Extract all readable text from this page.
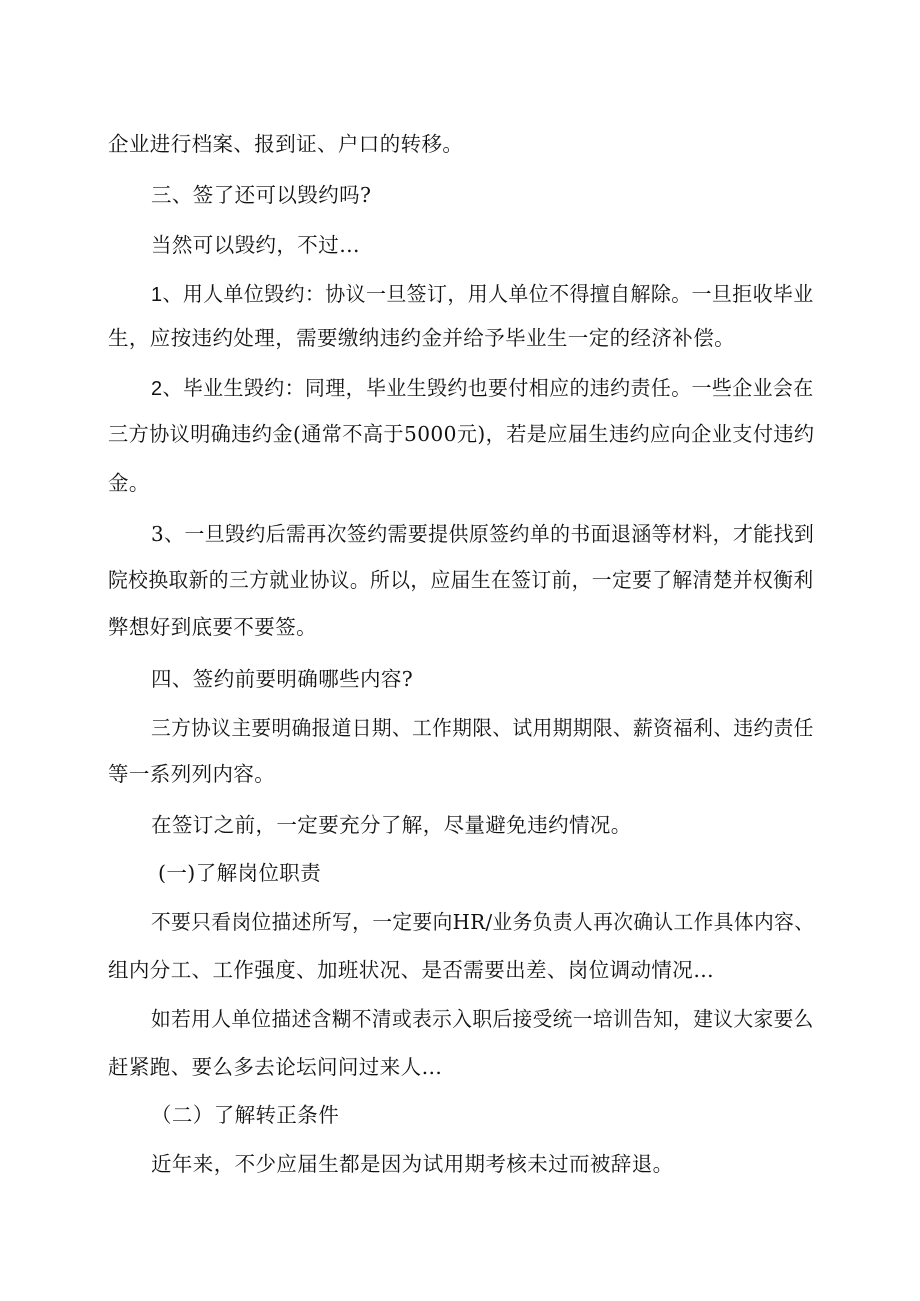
企业进行档案、报到证、户口的转移。

三、签了还可以毁约吗?

当然可以毁约，不过…

1、用人单位毁约：协议一旦签订，用人单位不得擅自解除。一旦拒收毕业

生，应按违约处理，需要缴纳违约金并给予毕业生一定的经济补偿。

2、毕业生毁约：同理，毕业生毁约也要付相应的违约责任。一些企业会在

三方协议明确违约金(通常不高于5000元)，若是应届生违约应向企业支付违约

金。

3、一旦毁约后需再次签约需要提供原签约单的书面退涵等材料，才能找到

院校换取新的三方就业协议。所以，应届生在签订前，一定要了解清楚并权衡利

弊想好到底要不要签。

四、签约前要明确哪些内容?

三方协议主要明确报道日期、工作期限、试用期期限、薪资福利、违约责任

等一系列列内容。

在签订之前，一定要充分了解，尽量避免违约情况。

(一)了解岗位职责

不要只看岗位描述所写，一定要向HR/业务负责人再次确认工作具体内容、

组内分工、工作强度、加班状况、是否需要出差、岗位调动情况…

如若用人单位描述含糊不清或表示入职后接受统一培训告知，建议大家要么

赶紧跑、要么多去论坛问问过来人…

（二）了解转正条件

近年来，不少应届生都是因为试用期考核未过而被辞退。
